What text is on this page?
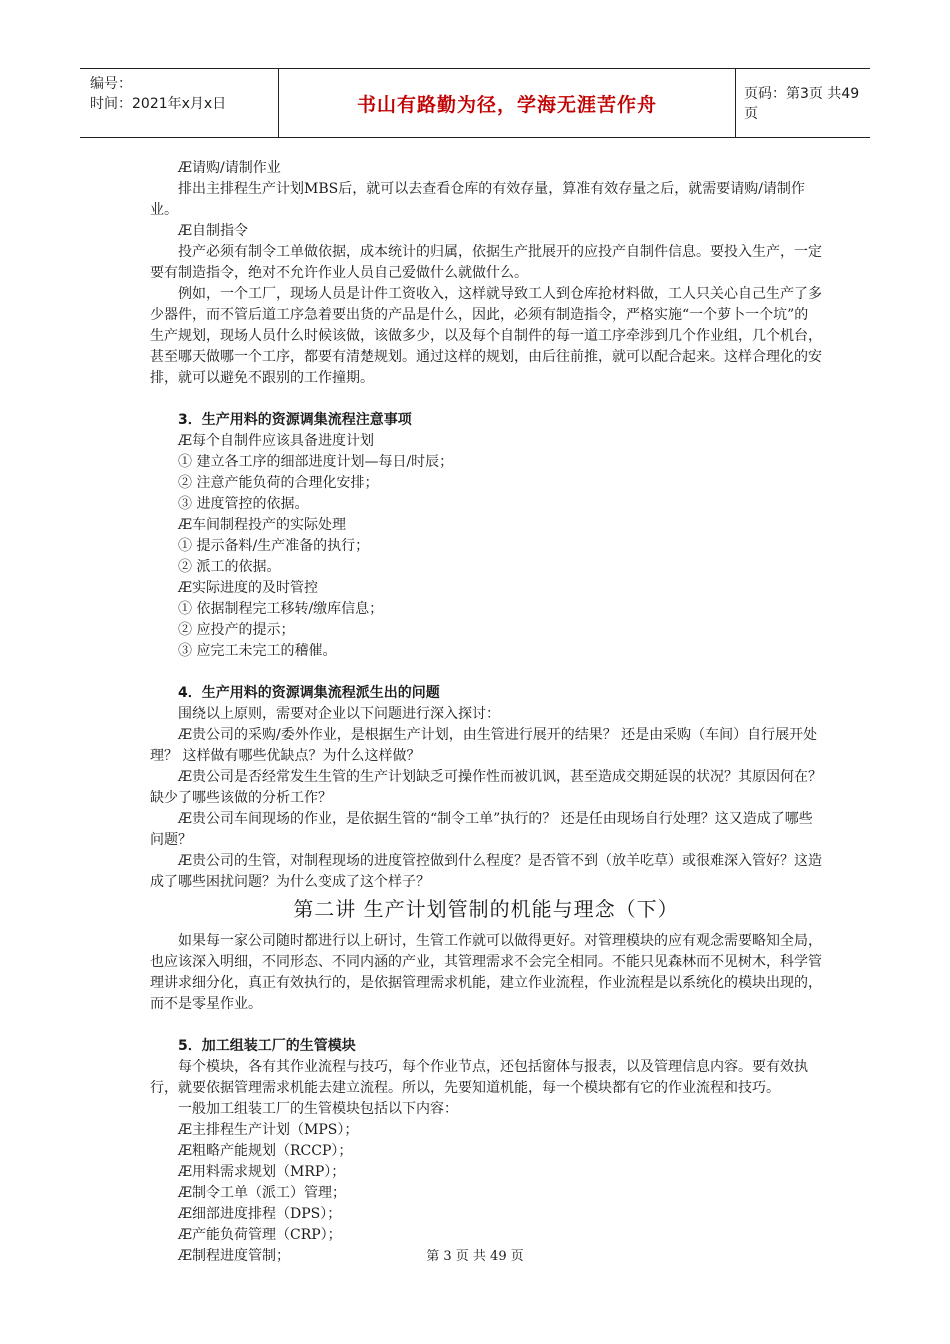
编号：
时间：2021年x月x日	书山有路勤为径，学海无涯苦作舟	页码：第3页 共49页

Æ请购/请制作业

排出主排程生产计划MBS后，就可以去查看仓库的有效存量，算准有效存量之后，就需要请购/请制作业。

Æ自制指令

投产必须有制令工单做依据，成本统计的归属，依据生产批展开的应投产自制件信息。要投入生产，一定要有制造指令，绝对不允许作业人员自己爱做什么就做什么。

例如，一个工厂，现场人员是计件工资收入，这样就导致工人到仓库抢材料做，工人只关心自己生产了多少器件，而不管后道工序急着要出货的产品是什么，因此，必须有制造指令，严格实施“一个萝卜一个坑”的生产规划，现场人员什么时候该做，该做多少，以及每个自制件的每一道工序牵涉到几个作业组，几个机台，甚至哪天做哪一个工序，都要有清楚规划。通过这样的规划，由后往前推，就可以配合起来。这样合理化的安排，就可以避免不跟别的工作撞期。

3．生产用料的资源调集流程注意事项

Æ每个自制件应该具备进度计划

① 建立各工序的细部进度计划—每日/时辰；

② 注意产能负荷的合理化安排；

③ 进度管控的依据。

Æ车间制程投产的实际处理

① 提示备料/生产准备的执行；

② 派工的依据。

Æ实际进度的及时管控

① 依据制程完工移转/缴库信息；

② 应投产的提示；

③ 应完工未完工的稽催。

4．生产用料的资源调集流程派生出的问题

围绕以上原则，需要对企业以下问题进行深入探讨：

Æ贵公司的采购/委外作业，是根据生产计划，由生管进行展开的结果？ 还是由采购（车间）自行展开处理？ 这样做有哪些优缺点？为什么这样做？

Æ贵公司是否经常发生生管的生产计划缺乏可操作性而被讥讽，甚至造成交期延误的状况？其原因何在？缺少了哪些该做的分析工作？

Æ贵公司车间现场的作业，是依据生管的“制令工单”执行的？ 还是任由现场自行处理？这又造成了哪些问题？

Æ贵公司的生管，对制程现场的进度管控做到什么程度？是否管不到（放羊吃草）或很难深入管好？这造成了哪些困扰问题？为什么变成了这个样子？

第二讲 生产计划管制的机能与理念（下）

如果每一家公司随时都进行以上研讨，生管工作就可以做得更好。对管理模块的应有观念需要略知全局，也应该深入明细，不同形态、不同内涵的产业，其管理需求不会完全相同。不能只见森林而不见树木，科学管理讲求细分化，真正有效执行的，是依据管理需求机能，建立作业流程，作业流程是以系统化的模块出现的，而不是零星作业。

5．加工组装工厂的生管模块

每个模块，各有其作业流程与技巧，每个作业节点，还包括窗体与报表，以及管理信息内容。要有效执行，就要依据管理需求机能去建立流程。所以，先要知道机能，每一个模块都有它的作业流程和技巧。

一般加工组装工厂的生管模块包括以下内容：

Æ主排程生产计划（MPS）；

Æ粗略产能规划（RCCP）；

Æ用料需求规划（MRP）；

Æ制令工单（派工）管理；

Æ细部进度排程（DPS）；

Æ产能负荷管理（CRP）；

Æ制程进度管制；	第 3 页 共 49 页
